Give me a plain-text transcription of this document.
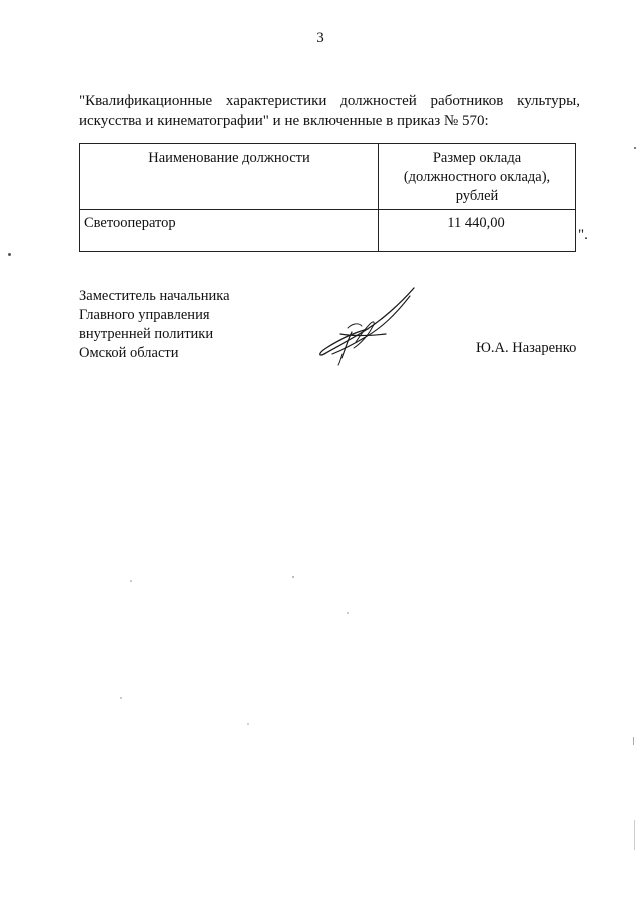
3
"Квалификационные характеристики должностей работников культуры, искусства и кинематографии" и не включенные в приказ № 570:
Наименование должности	Размер оклада (должностного оклада), рублей
Светооператор	11 440,00
".
Заместитель начальника
Главного управления
внутренней политики
Омской области	Ю.А. Назаренко
